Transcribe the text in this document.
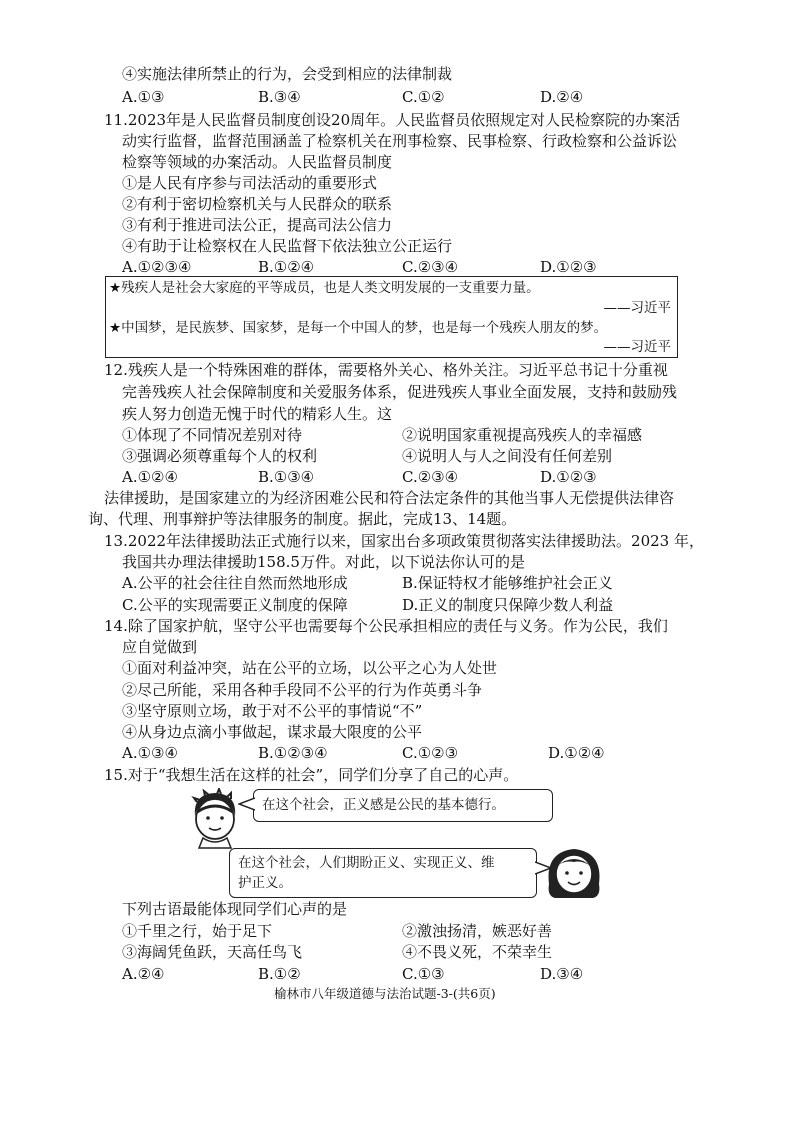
④实施法律所禁止的行为，会受到相应的法律制裁
A.①③	B.③④	C.①②	D.②④
11.2023年是人民监督员制度创设20周年。人民监督员依照规定对人民检察院的办案活
动实行监督，监督范围涵盖了检察机关在刑事检察、民事检察、行政检察和公益诉讼
检察等领域的办案活动。人民监督员制度
①是人民有序参与司法活动的重要形式
②有利于密切检察机关与人民群众的联系
③有利于推进司法公正，提高司法公信力
④有助于让检察权在人民监督下依法独立公正运行
A.①②③④	B.①②④	C.②③④	D.①②③
★残疾人是社会大家庭的平等成员，也是人类文明发展的一支重要力量。
——习近平
★中国梦，是民族梦、国家梦，是每一个中国人的梦，也是每一个残疾人朋友的梦。
——习近平
12.残疾人是一个特殊困难的群体，需要格外关心、格外关注。习近平总书记十分重视
完善残疾人社会保障制度和关爱服务体系，促进残疾人事业全面发展，支持和鼓励残
疾人努力创造无愧于时代的精彩人生。这
①体现了不同情况差别对待	②说明国家重视提高残疾人的幸福感
③强调必须尊重每个人的权利	④说明人与人之间没有任何差别
A.①②④	B.①③④	C.②③④	D.①②③
法律援助，是国家建立的为经济困难公民和符合法定条件的其他当事人无偿提供法律咨
询、代理、刑事辩护等法律服务的制度。据此，完成13、14题。
13.2022年法律援助法正式施行以来，国家出台多项政策贯彻落实法律援助法。2023 年，
我国共办理法律援助158.5万件。对此，以下说法你认可的是
A.公平的社会往往自然而然地形成	B.保证特权才能够维护社会正义
C.公平的实现需要正义制度的保障	D.正义的制度只保障少数人利益
14.除了国家护航，坚守公平也需要每个公民承担相应的责任与义务。作为公民，我们
应自觉做到
①面对利益冲突，站在公平的立场，以公平之心为人处世
②尽己所能，采用各种手段同不公平的行为作英勇斗争
③坚守原则立场，敢于对不公平的事情说“不”
④从身边点滴小事做起，谋求最大限度的公平
A.①③④	B.①②③④	C.①②③	D.①②④
15.对于“我想生活在这样的社会”，同学们分享了自己的心声。
在这个社会，正义感是公民的基本德行。
在这个社会，人们期盼正义、实现正义、维
护正义。
下列古语最能体现同学们心声的是
①千里之行，始于足下	②激浊扬清，嫉恶好善
③海阔凭鱼跃，天高任鸟飞	④不畏义死，不荣幸生
A.②④	B.①②	C.①③	D.③④
榆林市八年级道德与法治试题-3-(共6页)
